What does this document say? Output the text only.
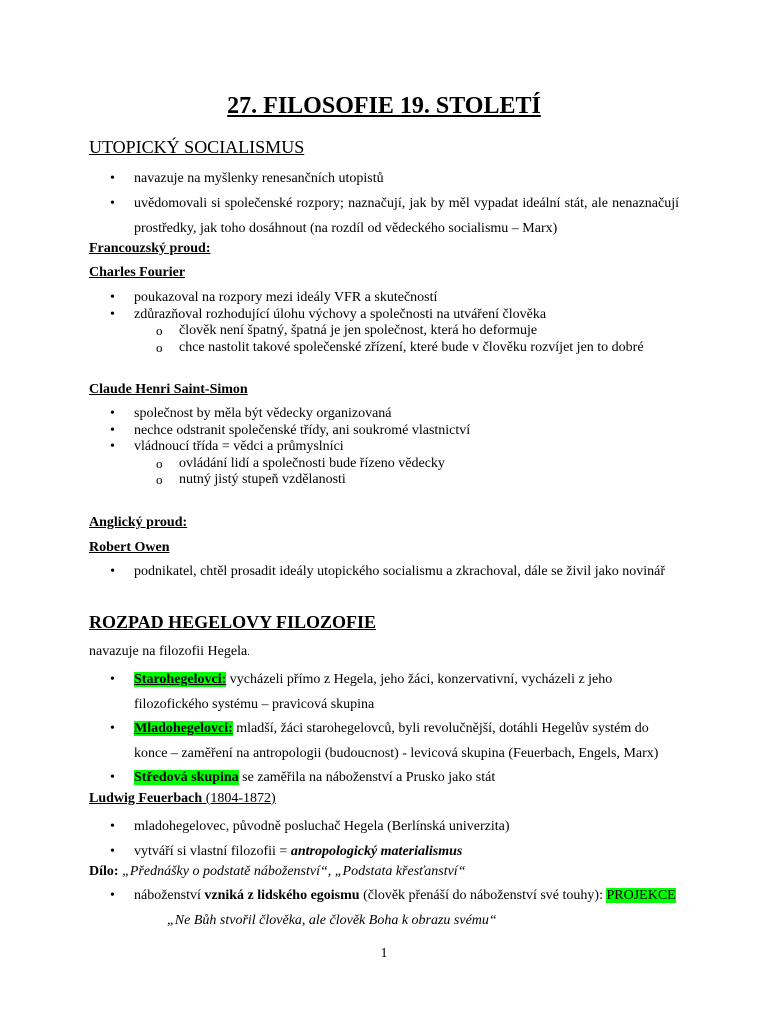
27. FILOSOFIE 19. STOLETÍ
UTOPICKÝ SOCIALISMUS
• navazuje na myšlenky renesančních utopistů
• uvědomovali si společenské rozpory; naznačují, jak by měl vypadat ideální stát, ale nenaznačují prostředky, jak toho dosáhnout (na rozdíl od vědeckého socialismu – Marx)
Francouzský proud:
Charles Fourier
• poukazoval na rozpory mezi ideály VFR a skutečností
• zdůrazňoval rozhodující úlohu výchovy a společnosti na utváření člověka
o člověk není špatný, špatná je jen společnost, která ho deformuje
o chce nastolit takové společenské zřízení, které bude v člověku rozvíjet jen to dobré
Claude Henri Saint-Simon
• společnost by měla být vědecky organizovaná
• nechce odstranit společenské třídy, ani soukromé vlastnictví
• vládnoucí třída = vědci a průmyslníci
o ovládání lidí a společnosti bude řízeno vědecky
o nutný jistý stupeň vzdělanosti
Anglický proud:
Robert Owen
• podnikatel, chtěl prosadit ideály utopického socialismu a zkrachoval, dále se živil jako novinář
ROZPAD HEGELOVY FILOZOFIE
navazuje na filozofii Hegela.
• Starohegelovci: vycházeli přímo z Hegela, jeho žáci, konzervativní, vycházeli z jeho filozofického systému – pravicová skupina
• Mladohegelovci: mladší, žáci starohegelovců, byli revolučnější, dotáhli Hegelův systém do konce – zaměření na antropologii (budoucnost) - levicová skupina (Feuerbach, Engels, Marx)
• Středová skupina se zaměřila na náboženství a Prusko jako stát
Ludwig Feuerbach (1804-1872)
• mladohegelovec, původně posluchač Hegela (Berlínská univerzita)
• vytváří si vlastní filozofii = antropologický materialismus
Dílo: „Přednášky o podstatě náboženství“, „Podstata křesťanství“
• náboženství vzniká z lidského egoismu (člověk přenáší do náboženství své touhy): PROJEKCE
„Ne Bůh stvořil člověka, ale člověk Boha k obrazu svému“
1
